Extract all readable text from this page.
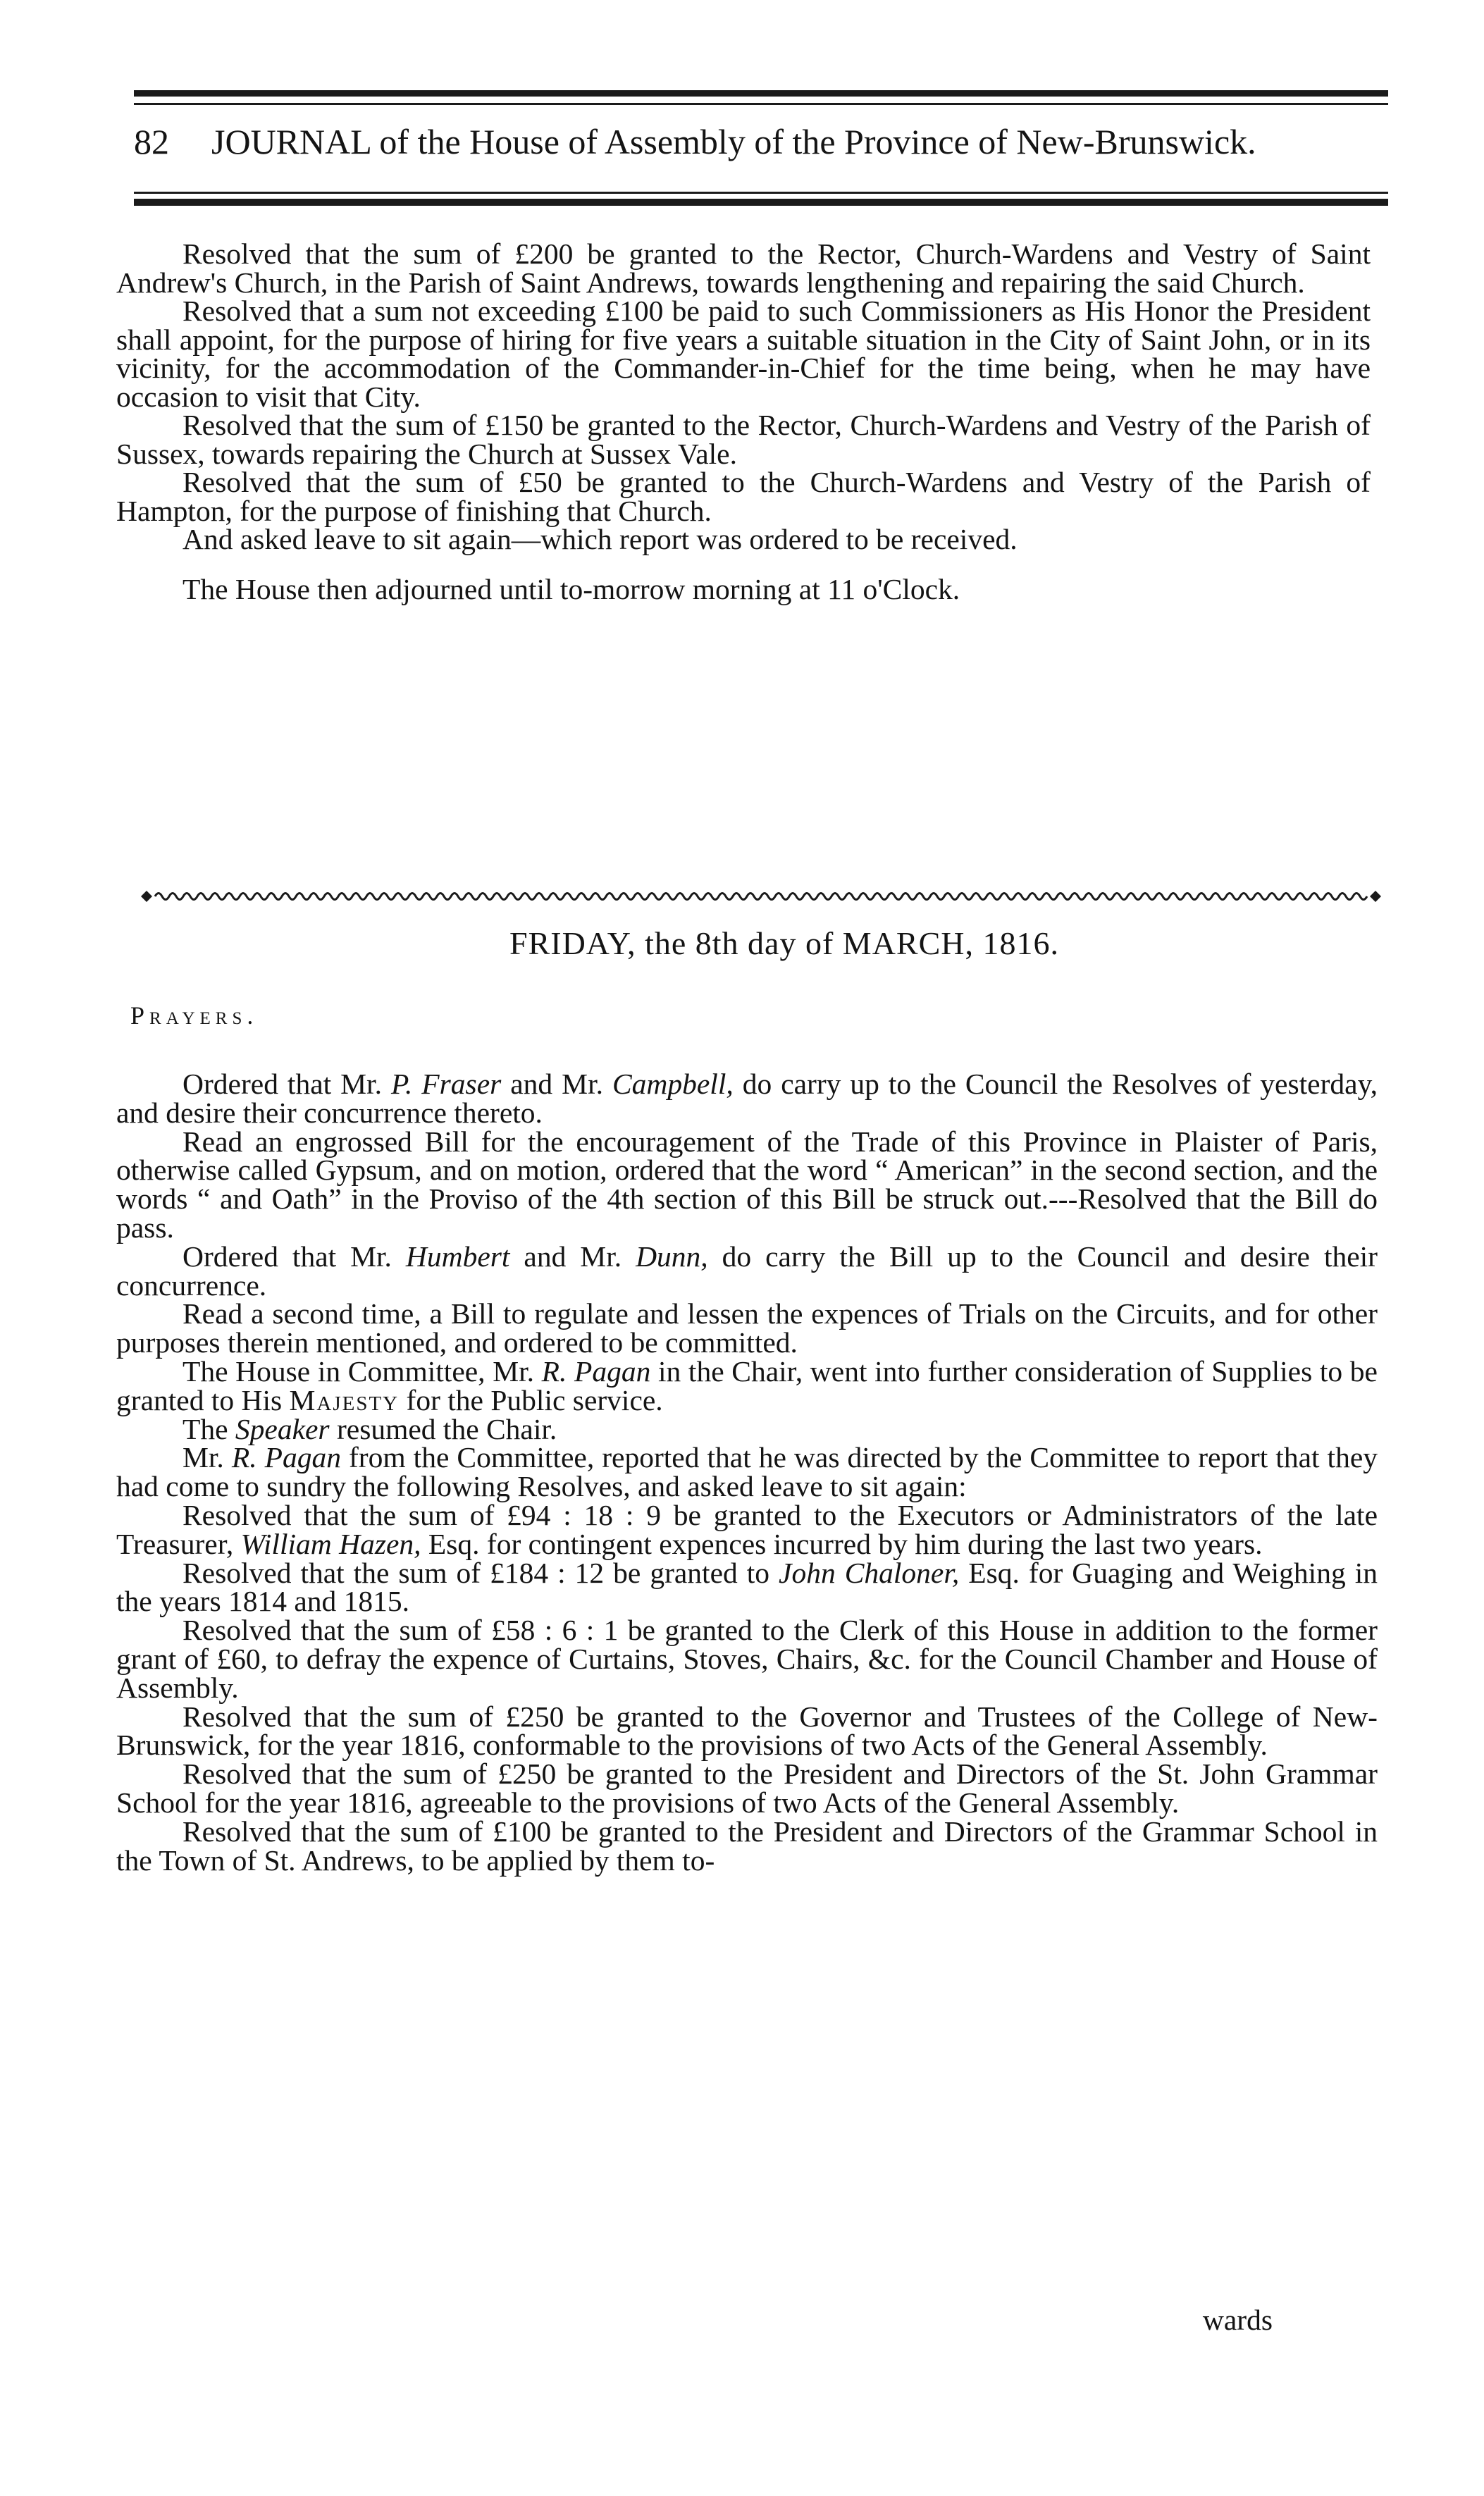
82 JOURNAL of the House of Assembly of the Province of New-Brunswick.

Resolved that the sum of £200 be granted to the Rector, Church-Wardens and Vestry of Saint Andrew's Church, in the Parish of Saint Andrews, towards lengthening and repairing the said Church.

Resolved that a sum not exceeding £100 be paid to such Commissioners as His Honor the President shall appoint, for the purpose of hiring for five years a suitable situation in the City of Saint John, or in its vicinity, for the accommodation of the Commander-in-Chief for the time being, when he may have occasion to visit that City.

Resolved that the sum of £150 be granted to the Rector, Church-Wardens and Vestry of the Parish of Sussex, towards repairing the Church at Sussex Vale.

Resolved that the sum of £50 be granted to the Church-Wardens and Vestry of the Parish of Hampton, for the purpose of finishing that Church.

And asked leave to sit again—which report was ordered to be received.

The House then adjourned until to-morrow morning at 11 o'Clock.

FRIDAY, the 8th day of MARCH, 1816.
Prayers.

Ordered that Mr. P. Fraser and Mr. Campbell, do carry up to the Council the Resolves of yesterday, and desire their concurrence thereto.

Read an engrossed Bill for the encouragement of the Trade of this Province in Plaister of Paris, otherwise called Gypsum, and on motion, ordered that the word “ American” in the second section, and the words “ and Oath” in the Proviso of the 4th section of this Bill be struck out.---Resolved that the Bill do pass.

Ordered that Mr. Humbert and Mr. Dunn, do carry the Bill up to the Council and desire their concurrence.

Read a second time, a Bill to regulate and lessen the expences of Trials on the Circuits, and for other purposes therein mentioned, and ordered to be committed.

The House in Committee, Mr. R. Pagan in the Chair, went into further consideration of Supplies to be granted to His Majesty for the Public service.

The Speaker resumed the Chair.

Mr. R. Pagan from the Committee, reported that he was directed by the Committee to report that they had come to sundry the following Resolves, and asked leave to sit again:

Resolved that the sum of £94 : 18 : 9 be granted to the Executors or Administrators of the late Treasurer, William Hazen, Esq. for contingent expences incurred by him during the last two years.

Resolved that the sum of £184 : 12 be granted to John Chaloner, Esq. for Guaging and Weighing in the years 1814 and 1815.

Resolved that the sum of £58 : 6 : 1 be granted to the Clerk of this House in addition to the former grant of £60, to defray the expence of Curtains, Stoves, Chairs, &c. for the Council Chamber and House of Assembly.

Resolved that the sum of £250 be granted to the Governor and Trustees of the College of New-Brunswick, for the year 1816, conformable to the provisions of two Acts of the General Assembly.

Resolved that the sum of £250 be granted to the President and Directors of the St. John Grammar School for the year 1816, agreeable to the provisions of two Acts of the General Assembly.

Resolved that the sum of £100 be granted to the President and Directors of the Grammar School in the Town of St. Andrews, to be applied by them to-

wards
